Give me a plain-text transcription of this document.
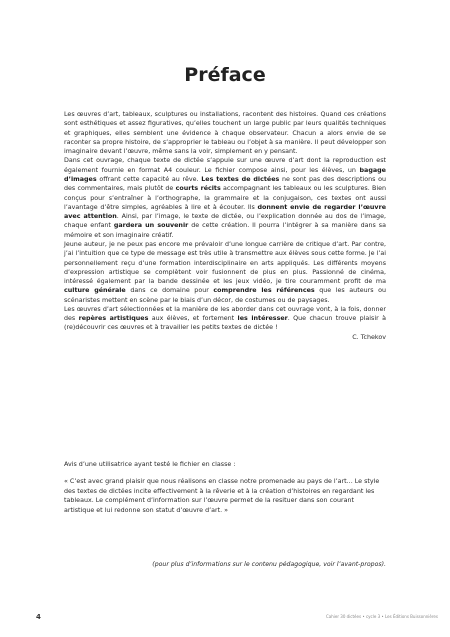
Préface

Les œuvres d’art, tableaux, sculptures ou installations, racontent des histoires. Quand ces créations sont esthétiques et assez figuratives, qu’elles touchent un large public par leurs qualités techniques et graphiques, elles semblent une évidence à chaque observateur. Chacun a alors envie de se raconter sa propre histoire, de s’approprier le tableau ou l’objet à sa manière. Il peut développer son imaginaire devant l’œuvre, même sans la voir, simplement en y pensant.

Dans cet ouvrage, chaque texte de dictée s’appuie sur une œuvre d’art dont la reproduction est également fournie en format A4 couleur. Le fichier compose ainsi, pour les élèves, un bagage d’images offrant cette capacité au rêve. Les textes de dictées ne sont pas des descriptions ou des commentaires, mais plutôt de courts récits accompagnant les tableaux ou les sculptures. Bien conçus pour s’entraîner à l’orthographe, la grammaire et la conjugaison, ces textes ont aussi l’avantage d’être simples, agréables à lire et à écouter. Ils donnent envie de regarder l’œuvre avec attention. Ainsi, par l’image, le texte de dictée, ou l’explication donnée au dos de l’image, chaque enfant gardera un souvenir de cette création. Il pourra l’intégrer à sa manière dans sa mémoire et son imaginaire créatif.

Jeune auteur, je ne peux pas encore me prévaloir d’une longue carrière de critique d’art. Par contre, j’ai l’intuition que ce type de message est très utile à transmettre aux élèves sous cette forme. Je l’ai personnellement reçu d’une formation interdisciplinaire en arts appliqués. Les différents moyens d’expression artistique se complètent voir fusionnent de plus en plus. Passionné de cinéma, intéressé également par la bande dessinée et les jeux vidéo, je tire couramment profit de ma culture générale dans ce domaine pour comprendre les références que les auteurs ou scénaristes mettent en scène par le biais d’un décor, de costumes ou de paysages.

Les œuvres d’art sélectionnées et la manière de les aborder dans cet ouvrage vont, à la fois, donner des repères artistiques aux élèves, et fortement les intéresser. Que chacun trouve plaisir à (re)découvrir ces œuvres et à travailler les petits textes de dictée !

C. Tchekov

Avis d’une utilisatrice ayant testé le fichier en classe :
« C’est avec grand plaisir que nous réalisons en classe notre promenade au pays de l’art... Le style des textes de dictées incite effectivement à la rêverie et à la création d’histoires en regardant les tableaux. Le complément d’information sur l’œuvre permet de la resituer dans son courant artistique et lui redonne son statut d’œuvre d’art. »
(pour plus d’informations sur le contenu pédagogique, voir l’avant-propos).
4	Cahier 30 dictées • cycle 3 • Les Éditions Buissonnières
